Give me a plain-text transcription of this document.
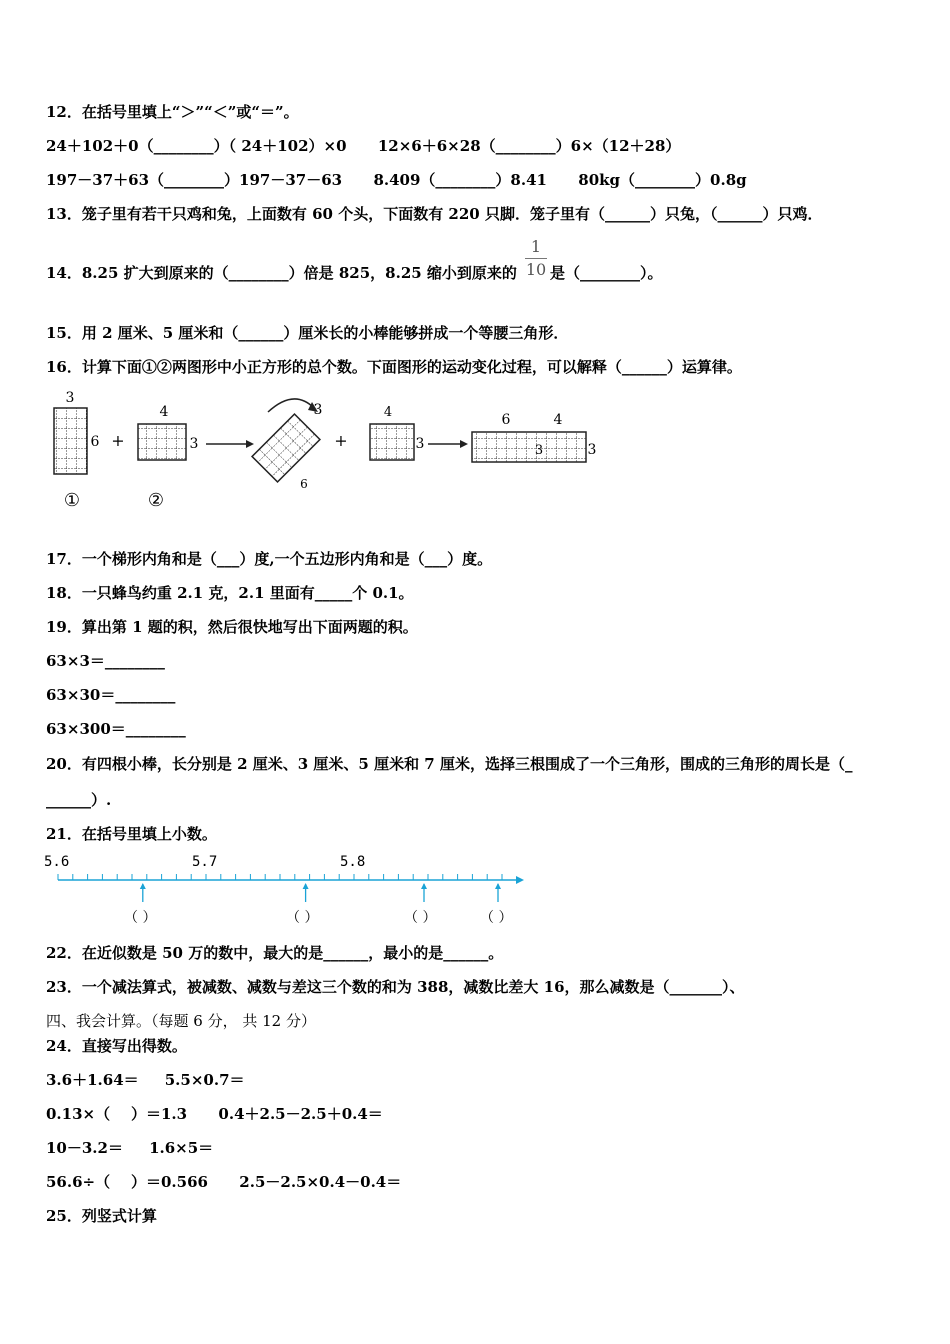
12．在括号里填上“＞”“＜”或“＝”。
24＋102＋0（________）（ 24＋102）×0      12×6＋6×28（________）6×（12＋28）
197－37＋63（________）197－37－63      8.409（________）8.41      80kg（________）0.8g
13．笼子里有若干只鸡和兔，上面数有 60 个头，下面数有 220 只脚．笼子里有（______）只兔，（______）只鸡．
14．8.25 扩大到原来的（________）倍是 825，8.25 缩小到原来的
1
10 是（________）。
15．用 2 厘米、5 厘米和（______）厘米长的小棒能够拼成一个等腰三角形．
16．计算下面①②两图形中小正方形的总个数。下面图形的运动变化过程，可以解释（______）运算律。
3
6
①
+
4
3
②
3
6
+
4
3
6	4
3	3
17．一个梯形内角和是（___）度,一个五边形内角和是（___）度。
18．一只蜂鸟约重 2.1 克，2.1 里面有_____个 0.1。
19．算出第 1 题的积，然后很快地写出下面两题的积。
63×3＝________
63×30＝________
63×300＝________
20．有四根小棒，长分别是 2 厘米、3 厘米、5 厘米和 7 厘米，选择三根围成了一个三角形，围成的三角形的周长是（_
______）.
21．在括号里填上小数。
5.6	5.7	5.8
（ ）	（ ）	（ ）	（ ）
22．在近似数是 50 万的数中，最大的是______，最小的是______。
23．一个减法算式，被减数、减数与差这三个数的和为 388，减数比差大 16，那么减数是（_______）、
四、我会计算。（每题 6 分， 共 12 分）
24．直接写出得数。
3.6＋1.64＝     5.5×0.7＝
0.13×（    ）＝1.3      0.4＋2.5－2.5＋0.4＝
10－3.2＝     1.6×5＝
56.6÷（    ）＝0.566      2.5－2.5×0.4－0.4＝
25．列竖式计算
